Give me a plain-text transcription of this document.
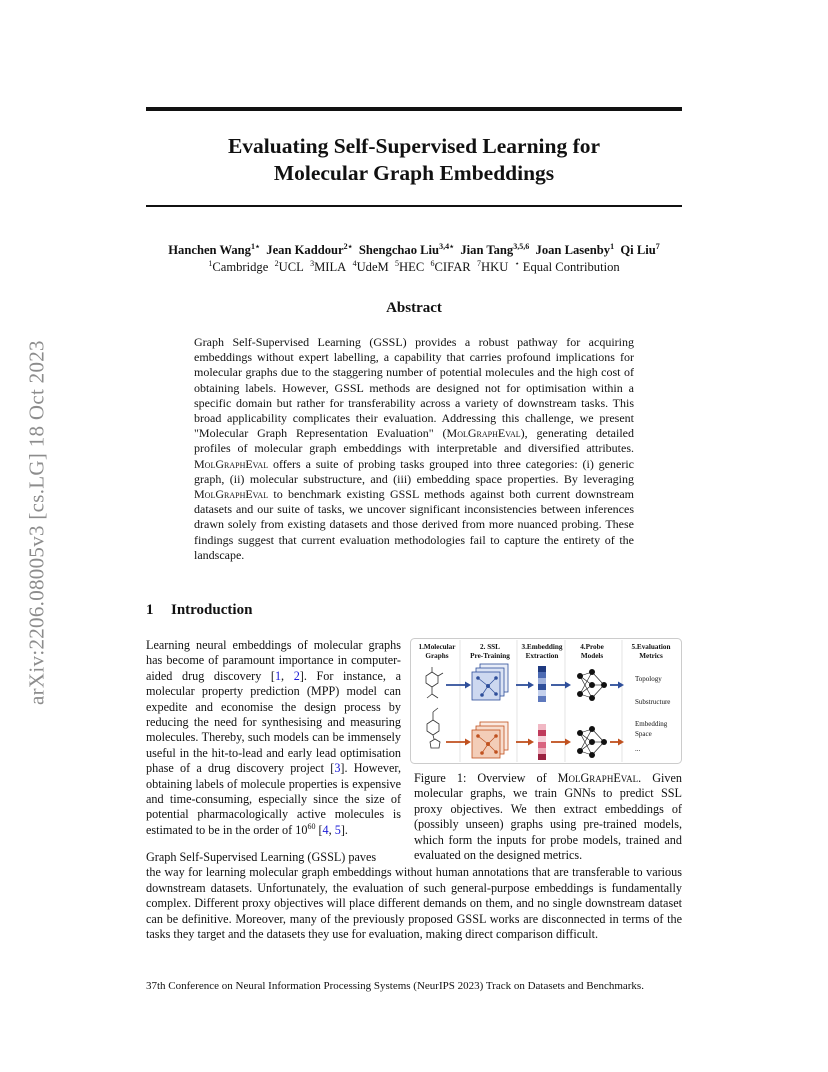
arXiv:2206.08005v3 [cs.LG] 18 Oct 2023
Evaluating Self-Supervised Learning for
Molecular Graph Embeddings
Hanchen Wang$^{1⋆}$ Jean Kaddour$^{2⋆}$ Shengchao Liu$^{3,4⋆}$ Jian Tang$^{3,5,6}$ Joan Lasenby$^1$ Qi Liu$^7$
$^1$Cambridge $^2$UCL $^3$MILA $^4$UdeM $^5$HEC $^6$CIFAR $^7$HKU ⋆ Equal Contribution
Abstract
Graph Self-Supervised Learning (GSSL) provides a robust pathway for acquiring embeddings without expert labelling, a capability that carries profound implications for molecular graphs due to the staggering number of potential molecules and the high cost of obtaining labels. However, GSSL methods are designed not for optimisation within a specific domain but rather for transferability across a variety of downstream tasks. This broad applicability complicates their evaluation. Addressing this challenge, we present "Molecular Graph Representation Evaluation" (MolGraphEval), generating detailed profiles of molecular graph embeddings with interpretable and diversified attributes. MolGraphEval offers a suite of probing tasks grouped into three categories: (i) generic graph, (ii) molecular substructure, and (iii) embedding space properties. By leveraging MolGraphEval to benchmark existing GSSL methods against both current downstream datasets and our suite of tasks, we uncover significant inconsistencies between inferences drawn solely from existing datasets and those derived from more nuanced probing. These findings suggest that current evaluation methodologies fail to capture the entirety of the landscape.
1 Introduction
Learning neural embeddings of molecular graphs has become of paramount importance in computer-aided drug discovery [1, 2]. For instance, a molecular property prediction (MPP) model can expedite and economise the design process by reducing the need for synthesising and measuring molecules. Thereby, such models can be immensely useful in the hit-to-lead and early lead optimisation phase of a drug discovery project [3]. However, obtaining labels of molecule properties is expensive and time-consuming, especially since the size of potential pharmacologically active molecules is estimated to be in the order of $10^{60}$ [4, 5].
Graph Self-Supervised Learning (GSSL) paves
the way for learning molecular graph embeddings without human annotations that are transferable to various downstream datasets. Unfortunately, the evaluation of such general-purpose embeddings is fundamentally complex. Different proxy objectives will place different demands on them, and no single downstream dataset can be definitive. Moreover, many of the previously proposed GSSL works are disconnected in terms of the tasks they target and the datasets they use for evaluation, making direct comparison difficult.
1.Molecular
Graphs
2. SSL
Pre-Training
3.Embedding
Extraction
4.Probe
Models
5.Evaluation
Metrics
Topology
Substructure
Embedding
Space
...
Figure 1: Overview of MolGraphEval. Given molecular graphs, we train GNNs to predict SSL proxy objectives. We then extract embeddings of (possibly unseen) graphs using pre-trained models, which form the inputs for probe models, trained and evaluated on the designed metrics.
37th Conference on Neural Information Processing Systems (NeurIPS 2023) Track on Datasets and Benchmarks.
